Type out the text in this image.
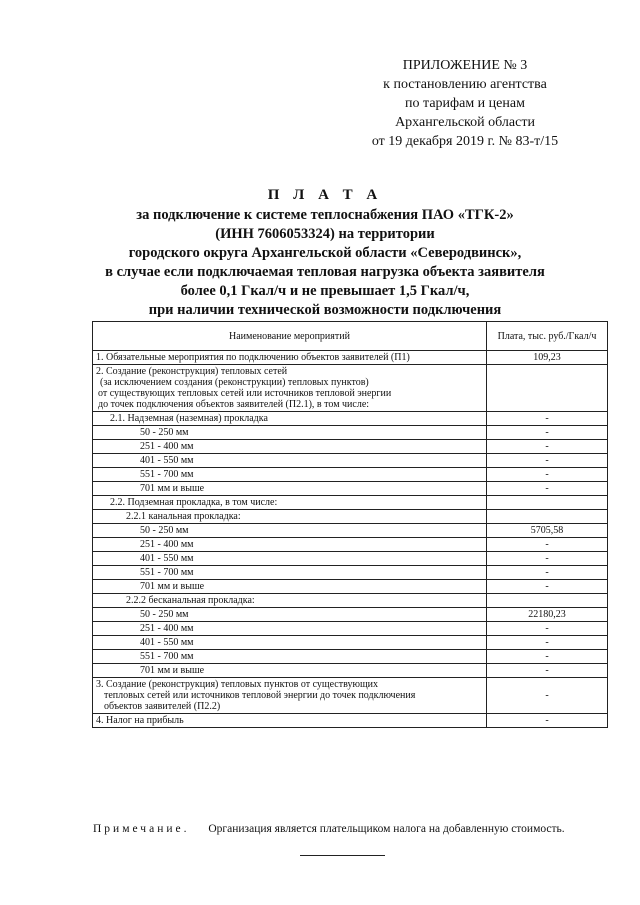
ПРИЛОЖЕНИЕ № 3
к постановлению агентства
по тарифам и ценам
Архангельской области
от 19 декабря 2019 г. № 83-т/15
П Л А Т А
за подключение к системе теплоснабжения ПАО «ТГК-2»
(ИНН 7606053324) на территории
городского округа Архангельской области «Северодвинск»,
в случае если подключаемая тепловая нагрузка объекта заявителя
более 0,1 Гкал/ч и не превышает 1,5 Гкал/ч,
при наличии технической возможности подключения
Наименование мероприятий	Плата, тыс. руб./Гкал/ч

1. Обязательные мероприятия по подключению объектов заявителей (П1)	109,23

2. Создание (реконструкция) тепловых сетей
(за исключением создания (реконструкции) тепловых пунктов)
от существующих тепловых сетей или источников тепловой энергии
до точек подключения объектов заявителей (П2.1), в том числе:	

2.1. Надземная (наземная) прокладка	-

50 - 250 мм	-

251 - 400 мм	-

401 - 550 мм	-

551 - 700 мм	-

701 мм и выше	-

2.2. Подземная прокладка, в том числе:	

2.2.1 канальная прокладка:	

50 - 250 мм	5705,58

251 - 400 мм	-

401 - 550 мм	-

551 - 700 мм	-

701 мм и выше	-

2.2.2 бесканальная прокладка:	

50 - 250 мм	22180,23

251 - 400 мм	-

401 - 550 мм	-

551 - 700 мм	-

701 мм и выше	-

3. Создание (реконструкция) тепловых пунктов от существующих
тепловых сетей или источников тепловой энергии до точек подключения
объектов заявителей (П2.2)	-

4. Налог на прибыль	-
Примечание. Организация является плательщиком налога на добавленную стоимость.
